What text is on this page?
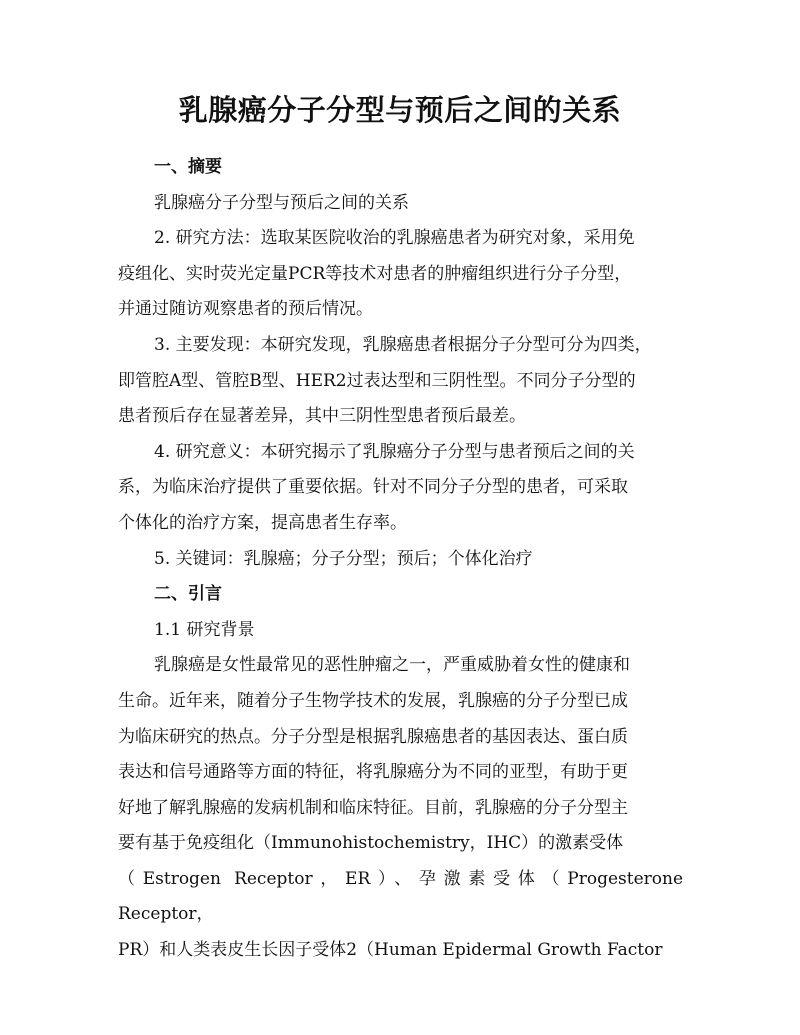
乳腺癌分子分型与预后之间的关系

一、摘要

乳腺癌分子分型与预后之间的关系

2. 研究方法：选取某医院收治的乳腺癌患者为研究对象，采用免
疫组化、实时荧光定量PCR等技术对患者的肿瘤组织进行分子分型，
并通过随访观察患者的预后情况。

3. 主要发现：本研究发现，乳腺癌患者根据分子分型可分为四类，
即管腔A型、管腔B型、HER2过表达型和三阴性型。不同分子分型的
患者预后存在显著差异，其中三阴性型患者预后最差。

4. 研究意义：本研究揭示了乳腺癌分子分型与患者预后之间的关
系，为临床治疗提供了重要依据。针对不同分子分型的患者，可采取
个体化的治疗方案，提高患者生存率。

5. 关键词：乳腺癌；分子分型；预后；个体化治疗

二、引言

1.1 研究背景

乳腺癌是女性最常见的恶性肿瘤之一，严重威胁着女性的健康和
生命。近年来，随着分子生物学技术的发展，乳腺癌的分子分型已成
为临床研究的热点。分子分型是根据乳腺癌患者的基因表达、蛋白质
表达和信号通路等方面的特征，将乳腺癌分为不同的亚型，有助于更
好地了解乳腺癌的发病机制和临床特征。目前，乳腺癌的分子分型主
要有基于免疫组化（Immunohistochemistry，IHC）的激素受体
（Estrogen Receptor，ER）、孕激素受体（Progesterone Receptor，
PR）和人类表皮生长因子受体2（Human Epidermal Growth Factor
